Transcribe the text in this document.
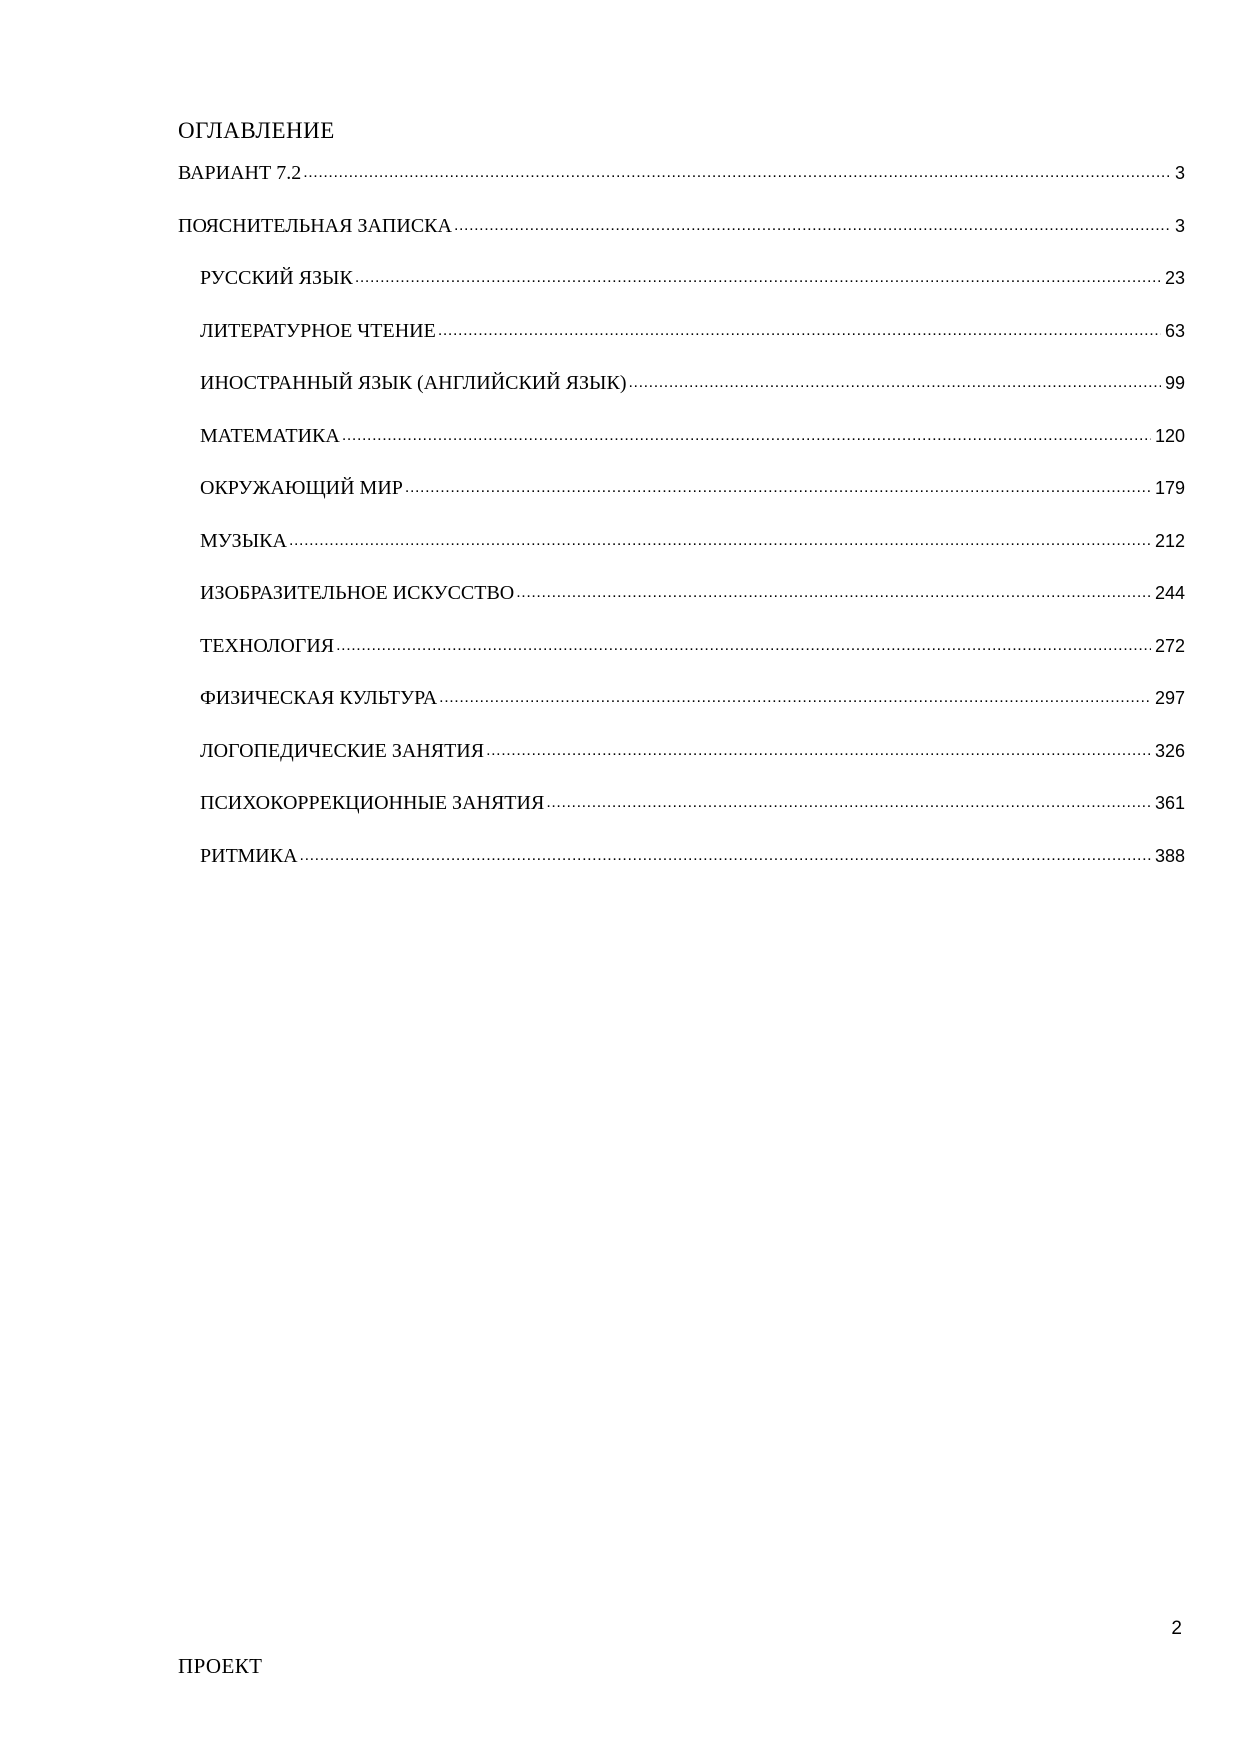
ОГЛАВЛЕНИЕ
ВАРИАНТ 7.2 .....	3
ПОЯСНИТЕЛЬНАЯ ЗАПИСКА .....	3
РУССКИЙ ЯЗЫК .....	23
ЛИТЕРАТУРНОЕ ЧТЕНИЕ .....	63
ИНОСТРАННЫЙ ЯЗЫК (АНГЛИЙСКИЙ ЯЗЫК) .....	99
МАТЕМАТИКА .....	120
ОКРУЖАЮЩИЙ МИР .....	179
МУЗЫКА .....	212
ИЗОБРАЗИТЕЛЬНОЕ ИСКУССТВО .....	244
ТЕХНОЛОГИЯ .....	272
ФИЗИЧЕСКАЯ КУЛЬТУРА .....	297
ЛОГОПЕДИЧЕСКИЕ ЗАНЯТИЯ .....	326
ПСИХОКОРРЕКЦИОННЫЕ ЗАНЯТИЯ .....	361
РИТМИКА .....	388
2
ПРОЕКТ
